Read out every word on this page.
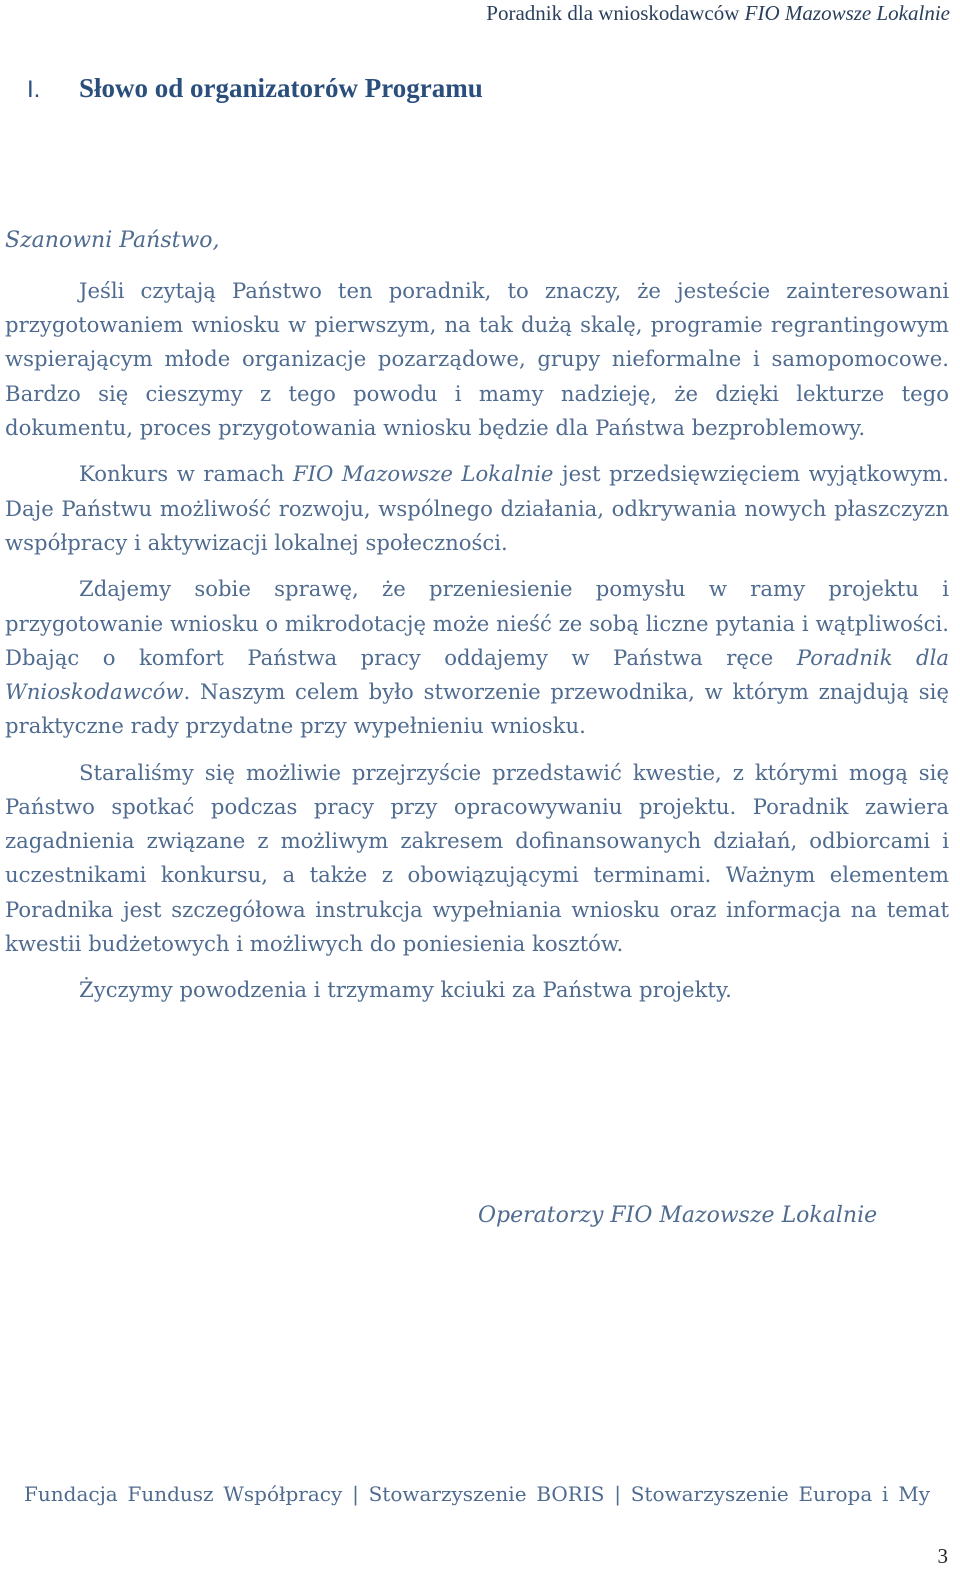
Poradnik dla wnioskodawców FIO Mazowsze Lokalnie
I. Słowo od organizatorów Programu
Szanowni Państwo,

Jeśli czytają Państwo ten poradnik, to znaczy, że jesteście zainteresowani przygotowaniem wniosku w pierwszym, na tak dużą skalę, programie regrantingowym wspierającym młode organizacje pozarządowe, grupy nieformalne i samopomocowe. Bardzo się cieszymy z tego powodu i mamy nadzieję, że dzięki lekturze tego dokumentu, proces przygotowania wniosku będzie dla Państwa bezproblemowy.

Konkurs w ramach FIO Mazowsze Lokalnie jest przedsięwzięciem wyjątkowym. Daje Państwu możliwość rozwoju, wspólnego działania, odkrywania nowych płaszczyzn współpracy i aktywizacji lokalnej społeczności.

Zdajemy sobie sprawę, że przeniesienie pomysłu w ramy projektu i przygotowanie wniosku o mikrodotację może nieść ze sobą liczne pytania i wątpliwości. Dbając o komfort Państwa pracy oddajemy w Państwa ręce Poradnik dla Wnioskodawców. Naszym celem było stworzenie przewodnika, w którym znajdują się praktyczne rady przydatne przy wypełnieniu wniosku.

Staraliśmy się możliwie przejrzyście przedstawić kwestie, z którymi mogą się Państwo spotkać podczas pracy przy opracowywaniu projektu. Poradnik zawiera zagadnienia związane z możliwym zakresem dofinansowanych działań, odbiorcami i uczestnikami konkursu, a także z obowiązującymi terminami. Ważnym elementem Poradnika jest szczegółowa instrukcja wypełniania wniosku oraz informacja na temat kwestii budżetowych i możliwych do poniesienia kosztów.

Życzymy powodzenia i trzymamy kciuki za Państwa projekty.

Operatorzy FIO Mazowsze Lokalnie
Fundacja Fundusz Współpracy | Stowarzyszenie BORIS | Stowarzyszenie Europa i My
3
